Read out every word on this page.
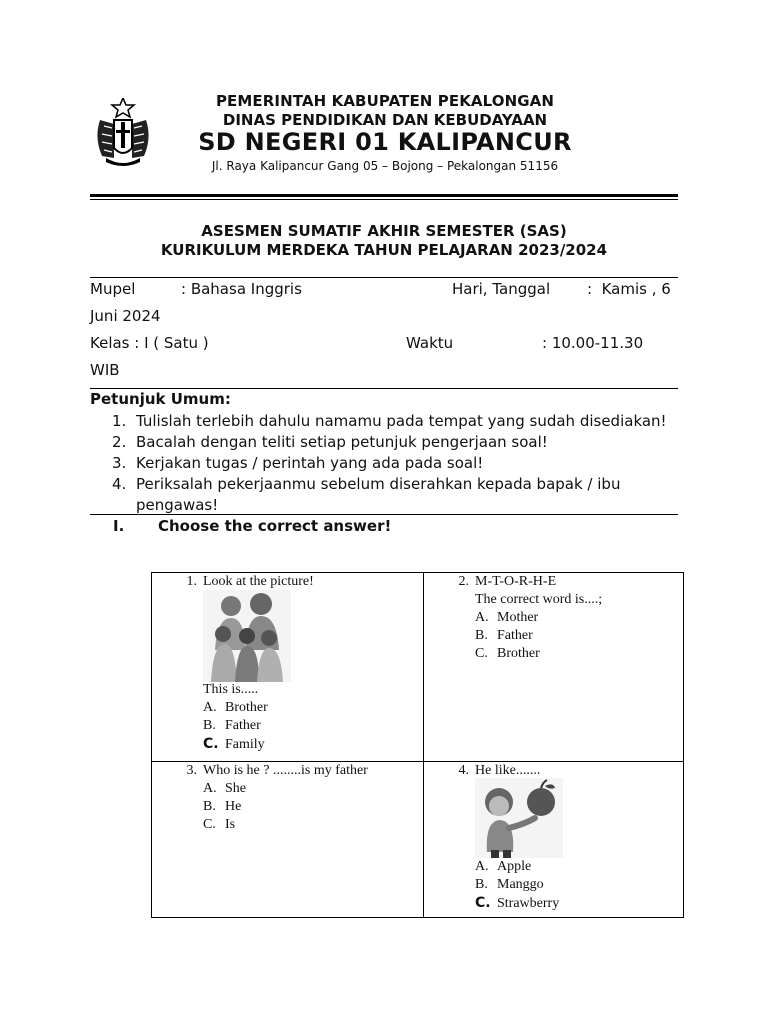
PEMERINTAH KABUPATEN PEKALONGAN
DINAS PENDIDIKAN DAN KEBUDAYAAN
SD NEGERI 01 KALIPANCUR
Jl. Raya Kalipancur Gang 05 – Bojong – Pekalongan 51156
ASESMEN SUMATIF AKHIR SEMESTER (SAS)
KURIKULUM MERDEKA TAHUN PELAJARAN 2023/2024
Mupel	: Bahasa Inggris	Hari, Tanggal :  Kamis , 6
Juni 2024
Kelas : I ( Satu )	Waktu	: 10.00-11.30
WIB
Petunjuk Umum:
1. Tulislah terlebih dahulu namamu pada tempat yang sudah disediakan!
2. Bacalah dengan teliti setiap petunjuk pengerjaan soal!
3. Kerjakan tugas / perintah yang ada pada soal!
4. Periksalah pekerjaanmu sebelum diserahkan kepada bapak / ibu pengawas!
I. Choose the correct answer!
1. Look at the picture!
This is.....
A. Brother
B. Father
C. Family
2. M-T-O-R-H-E
The correct word is....;
A. Mother
B. Father
C. Brother
3. Who is he ? ........is my father
A. She
B. He
C. Is
4. He like.......
A. Apple
B. Manggo
C. Strawberry
